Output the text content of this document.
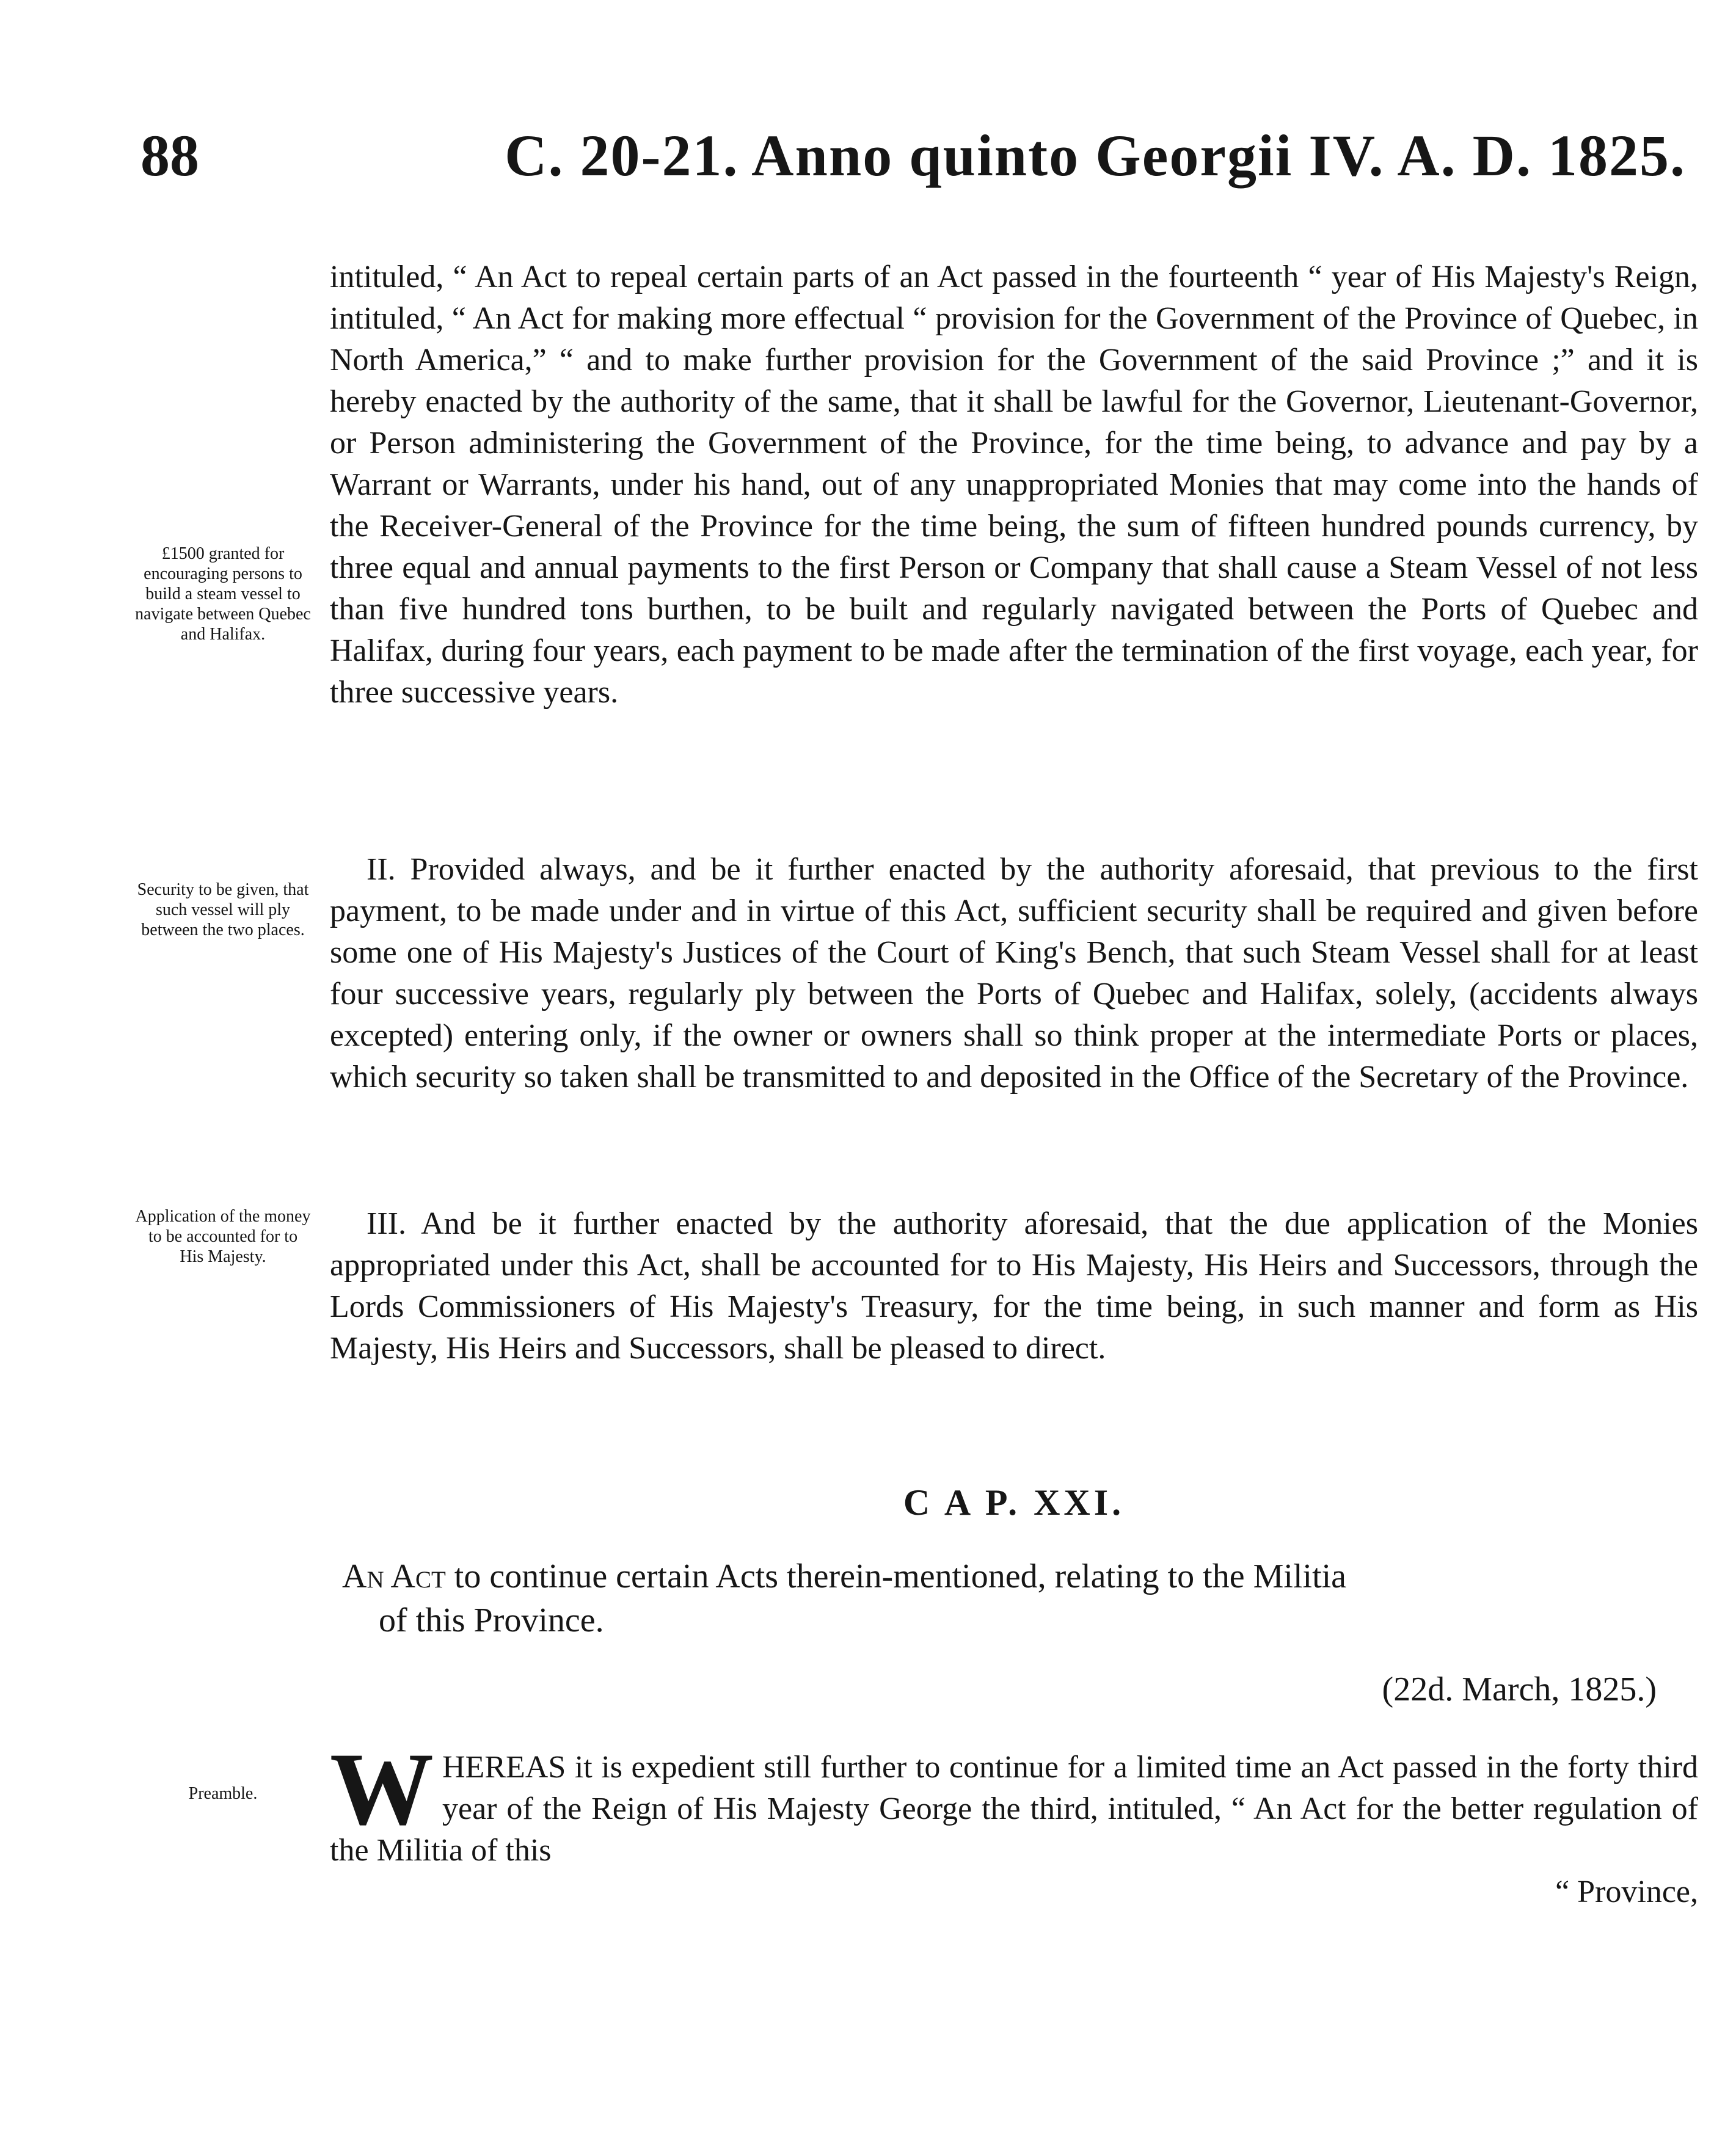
88	C. 20-21. Anno quinto Georgii IV. A. D. 1825.

intituled, “ An Act to repeal certain parts of an Act passed in the fourteenth “ year of His Majesty's Reign, intituled, “ An Act for making more effectual “ provision for the Government of the Province of Quebec, in North America,” “ and to make further provision for the Government of the said Province ;” and it is hereby enacted by the authority of the same, that it shall be lawful for the Governor, Lieutenant-Governor, or Person administering the Government of the Province, for the time being, to advance and pay by a Warrant or Warrants, under his hand, out of any unappropriated Monies that may come into the hands of the Receiver-General of the Province for the time being, the sum of fifteen hundred pounds currency, by three equal and annual payments to the first Person or Company that shall cause a Steam Vessel of not less than five hundred tons burthen, to be built and regularly navigated between the Ports of Quebec and Halifax, during four years, each payment to be made after the termination of the first voyage, each year, for three successive years.

£1500 granted for encouraging persons to build a steam vessel to navigate between Quebec and Halifax.

II. Provided always, and be it further enacted by the authority aforesaid, that previous to the first payment, to be made under and in virtue of this Act, sufficient security shall be required and given before some one of His Majesty's Justices of the Court of King's Bench, that such Steam Vessel shall for at least four successive years, regularly ply between the Ports of Quebec and Halifax, solely, (accidents always excepted) entering only, if the owner or owners shall so think proper at the intermediate Ports or places, which security so taken shall be transmitted to and deposited in the Office of the Secretary of the Province.

Security to be given, that such vessel will ply between the two places.

III. And be it further enacted by the authority aforesaid, that the due application of the Monies appropriated under this Act, shall be accounted for to His Majesty, His Heirs and Successors, through the Lords Commissioners of His Majesty's Treasury, for the time being, in such manner and form as His Majesty, His Heirs and Successors, shall be pleased to direct.

Application of the money to be accounted for to His Majesty.
C A P. XXI.
An Act to continue certain Acts therein-mentioned, relating to the Militia
of this Province.
(22d. March, 1825.)
Preamble. W HEREAS it is expedient still further to continue for a limited time an Act passed in the forty third year of the Reign of His Majesty George the third, intituled, “ An Act for the better regulation of the Militia of this
“ Province,
